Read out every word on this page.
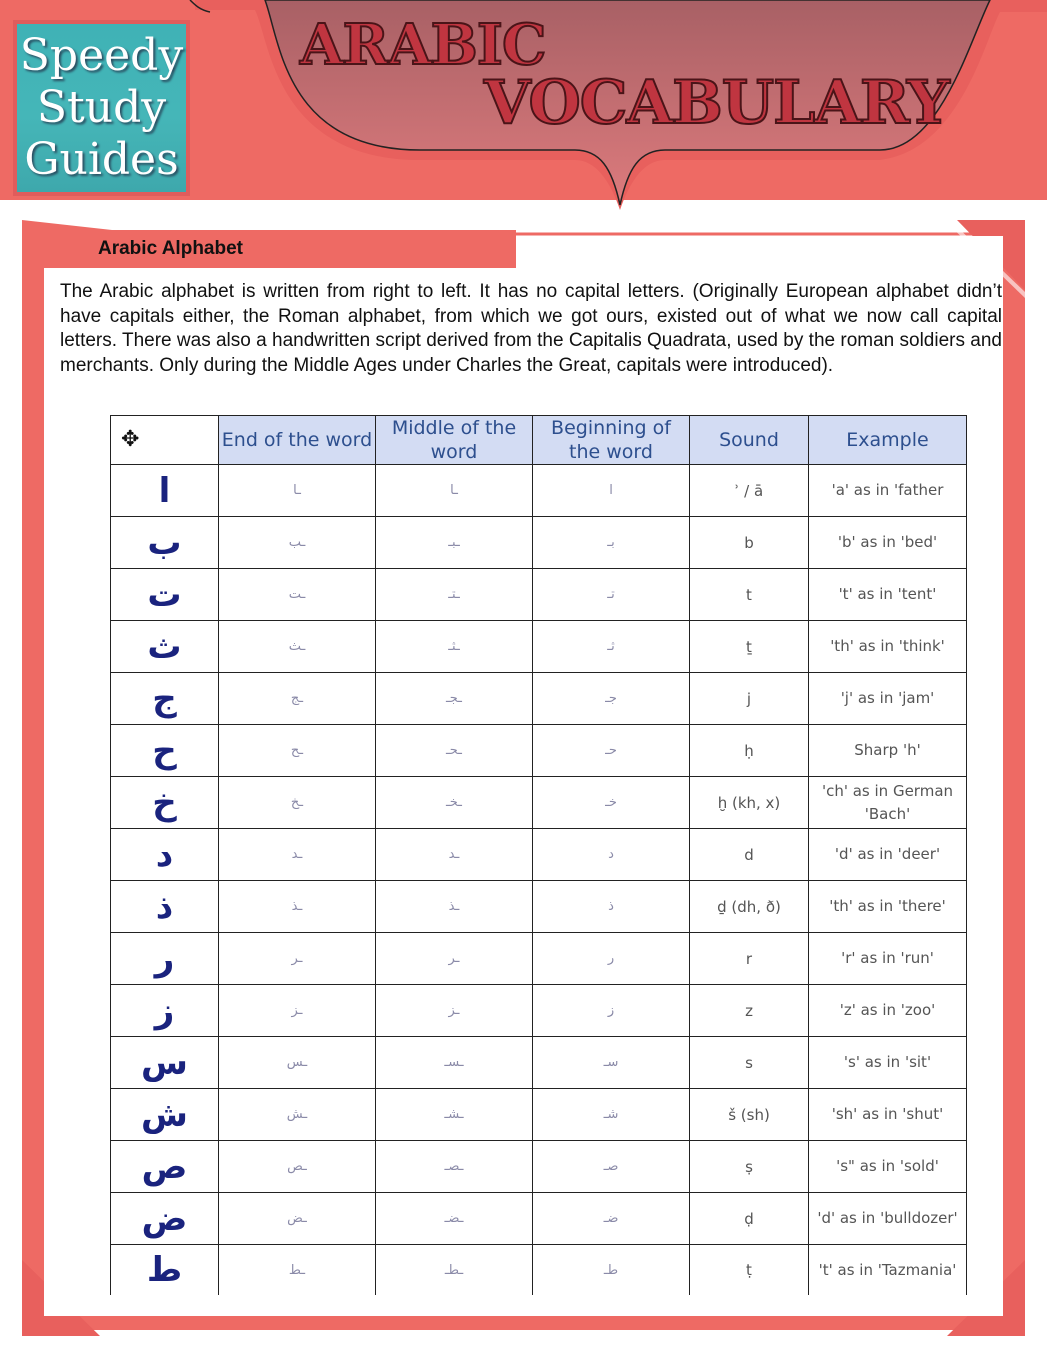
Speedy
Study
Guides
ARABIC
VOCABULARY
Arabic Alphabet
The Arabic alphabet is written from right to left. It has no capital letters. (Originally European alphabet didn’t have capitals either, the Roman alphabet, from which we got ours, existed out of what we now call capital letters. There was also a handwritten script derived from the Capitalis Quadrata, used by the roman soldiers and merchants. Only during the Middle Ages under Charles the Great, capitals were introduced).
✥	End of the word	Middle of the word	Beginning of the word	Sound	Example
ا	ـا	ـا	ا	ʾ / ā	'a' as in 'father
ب	ـب	ـبـ	بـ	b	'b' as in 'bed'
ت	ـت	ـتـ	تـ	t	't' as in 'tent'
ث	ـث	ـثـ	ثـ	ṯ	'th' as in 'think'
ج	ـج	ـجـ	جـ	j	'j' as in 'jam'
ح	ـح	ـحـ	حـ	ḥ	Sharp 'h'
خ	ـخ	ـخـ	خـ	ḫ (kh, x)	'ch' as in German 'Bach'
د	ـد	ـد	د	d	'd' as in 'deer'
ذ	ـذ	ـذ	ذ	ḏ (dh, ð)	'th' as in 'there'
ر	ـر	ـر	ر	r	'r' as in 'run'
ز	ـز	ـز	ز	z	'z' as in 'zoo'
س	ـس	ـسـ	سـ	s	's' as in 'sit'
ش	ـش	ـشـ	شـ	š (sh)	'sh' as in 'shut'
ص	ـص	ـصـ	صـ	ṣ	's" as in 'sold'
ض	ـض	ـضـ	ضـ	ḍ	'd' as in 'bulldozer'
ط	ـط	ـطـ	طـ	ṭ	't' as in 'Tazmania'
